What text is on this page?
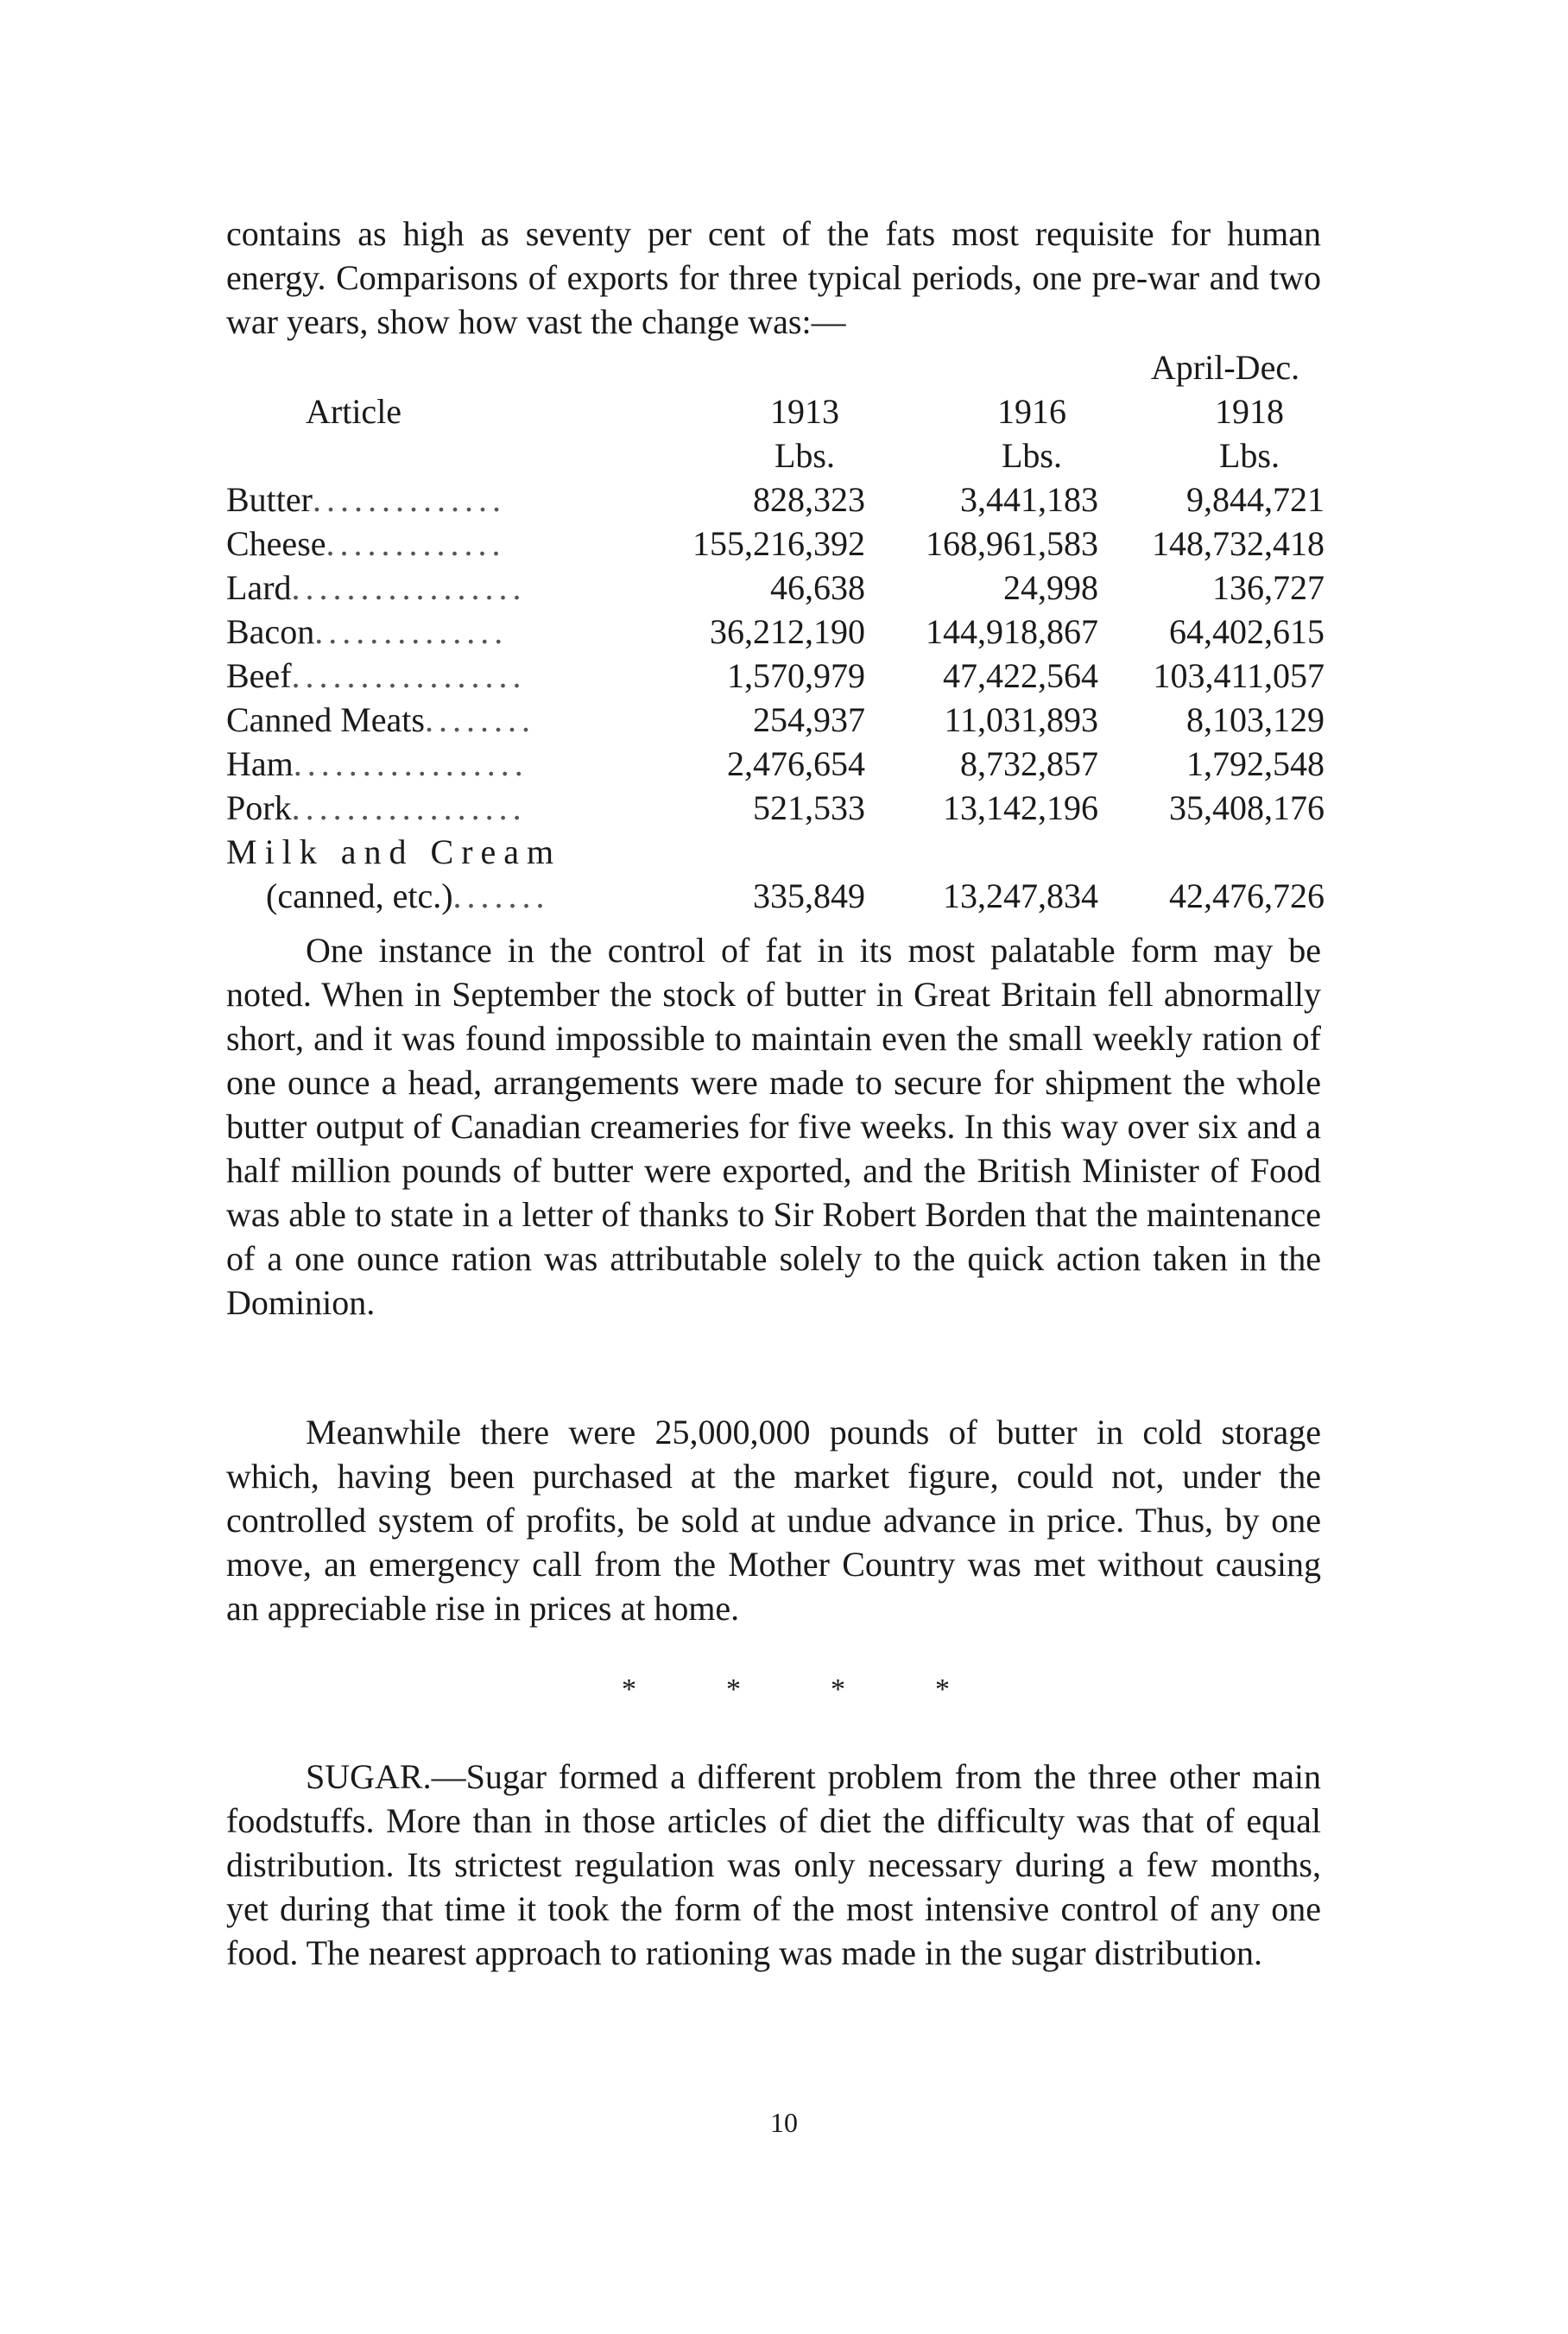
contains as high as seventy per cent of the fats most requisite for human energy. Comparisons of exports for three typical periods, one pre-war and two war years, show how vast the change was:—

April-Dec.
Article	1913	1916	1918
Lbs.	Lbs.	Lbs.
Butter..............	828,323	3,441,183	9,844,721
Cheese.............	155,216,392	168,961,583	148,732,418
Lard.................	46,638	24,998	136,727
Bacon..............	36,212,190	144,918,867	64,402,615
Beef.................	1,570,979	47,422,564	103,411,057
Canned Meats........	254,937	11,031,893	8,103,129
Ham.................	2,476,654	8,732,857	1,792,548
Pork.................	521,533	13,142,196	35,408,176
Milk and Cream
(canned, etc.).......	335,849	13,247,834	42,476,726

One instance in the control of fat in its most palatable form may be noted. When in September the stock of butter in Great Britain fell abnormally short, and it was found impossible to maintain even the small weekly ration of one ounce a head, arrangements were made to secure for shipment the whole butter output of Canadian creameries for five weeks. In this way over six and a half million pounds of butter were exported, and the British Minister of Food was able to state in a letter of thanks to Sir Robert Borden that the maintenance of a one ounce ration was attributable solely to the quick action taken in the Dominion.

Meanwhile there were 25,000,000 pounds of butter in cold storage which, having been purchased at the market figure, could not, under the controlled system of profits, be sold at undue advance in price. Thus, by one move, an emergency call from the Mother Country was met without causing an appreciable rise in prices at home.

*	*	*	*

SUGAR.—Sugar formed a different problem from the three other main foodstuffs. More than in those articles of diet the difficulty was that of equal distribution. Its strictest regulation was only necessary during a few months, yet during that time it took the form of the most intensive control of any one food. The nearest approach to rationing was made in the sugar distribution.

10
